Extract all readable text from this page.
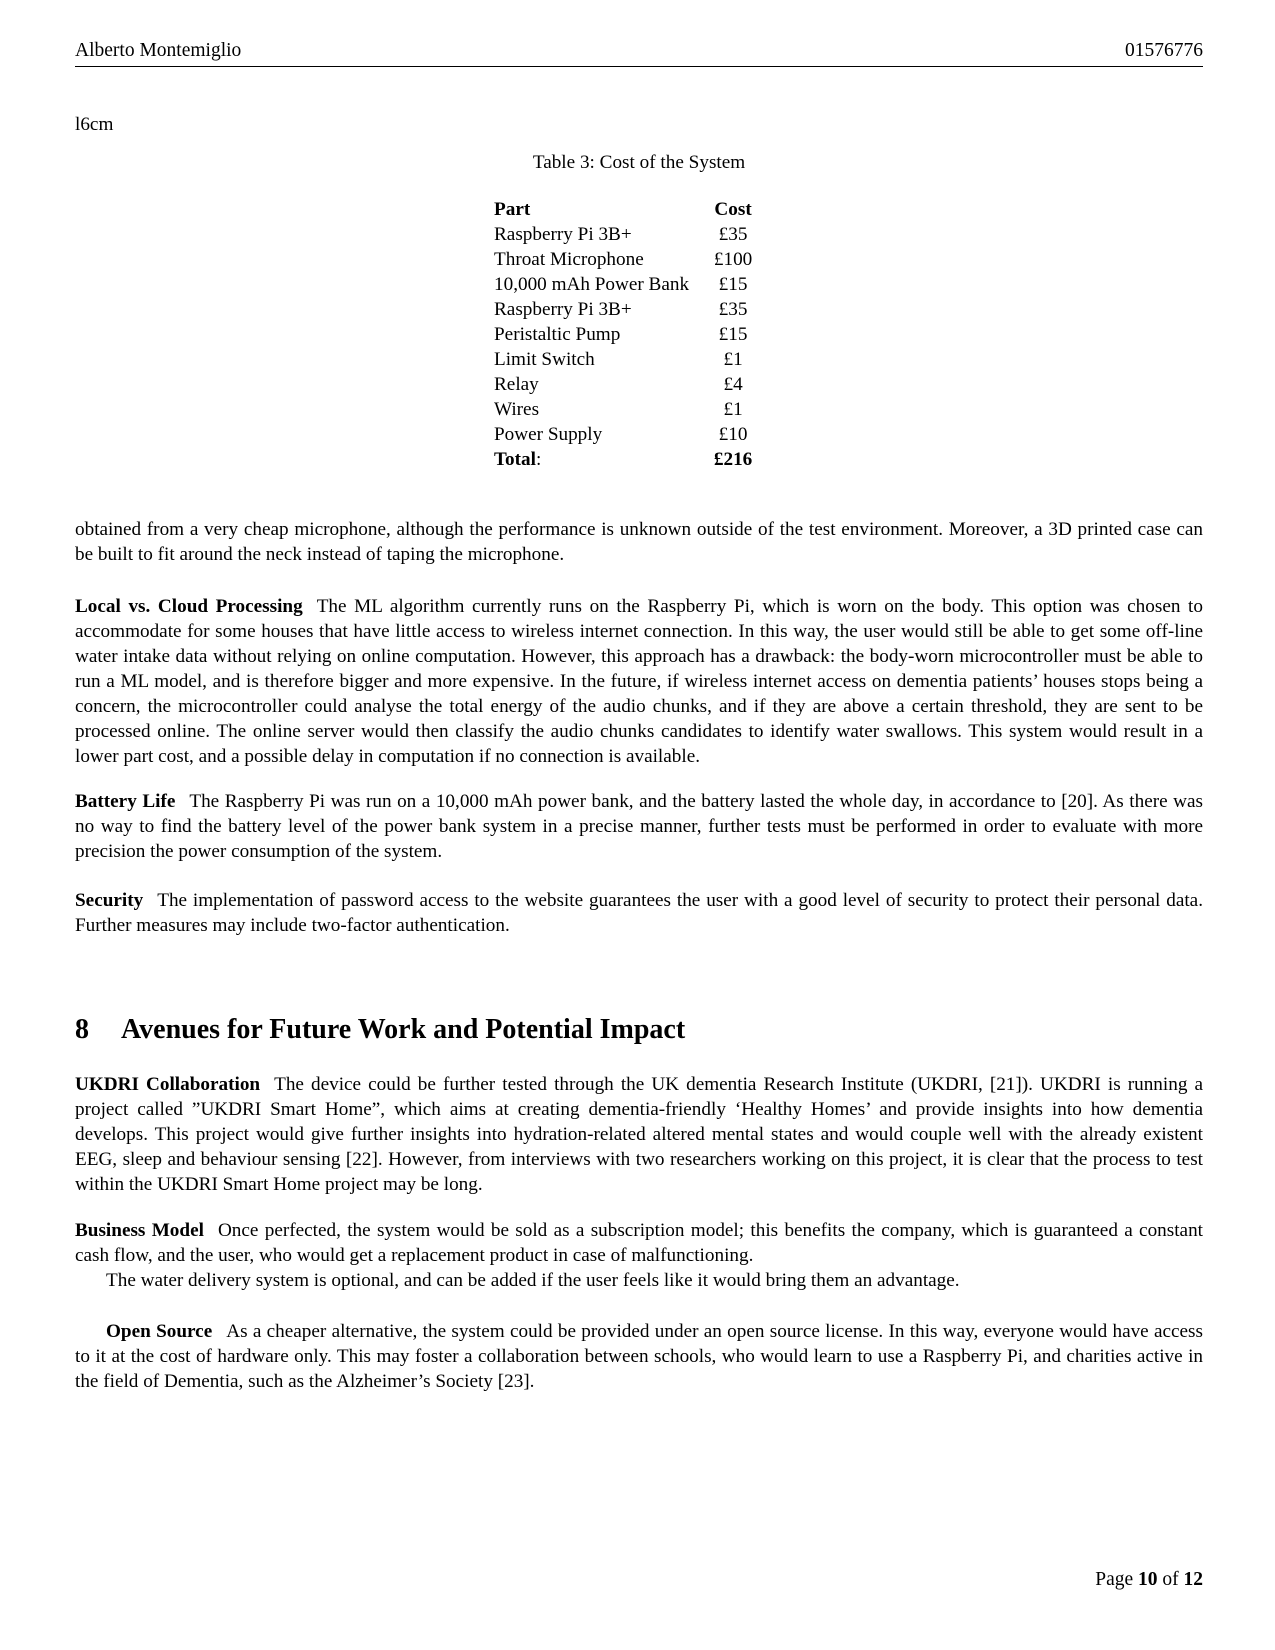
Alberto Montemiglio	01576776
l6cm
Table 3: Cost of the System
Part	Cost
Raspberry Pi 3B+	£35
Throat Microphone	£100
10,000 mAh Power Bank	£15
Raspberry Pi 3B+	£35
Peristaltic Pump	£15
Limit Switch	£1
Relay	£4
Wires	£1
Power Supply	£10
Total:	£216

obtained from a very cheap microphone, although the performance is unknown outside of the test environment. Moreover, a 3D printed case can be built to fit around the neck instead of taping the microphone.

Local vs. Cloud Processing The ML algorithm currently runs on the Raspberry Pi, which is worn on the body. This option was chosen to accommodate for some houses that have little access to wireless internet connection. In this way, the user would still be able to get some off-line water intake data without relying on online computation. However, this approach has a drawback: the body-worn microcontroller must be able to run a ML model, and is therefore bigger and more expensive. In the future, if wireless internet access on dementia patients’ houses stops being a concern, the microcontroller could analyse the total energy of the audio chunks, and if they are above a certain threshold, they are sent to be processed online. The online server would then classify the audio chunks candidates to identify water swallows. This system would result in a lower part cost, and a possible delay in computation if no connection is available.

Battery Life The Raspberry Pi was run on a 10,000 mAh power bank, and the battery lasted the whole day, in accordance to [20]. As there was no way to find the battery level of the power bank system in a precise manner, further tests must be performed in order to evaluate with more precision the power consumption of the system.

Security The implementation of password access to the website guarantees the user with a good level of security to protect their personal data. Further measures may include two-factor authentication.

8 Avenues for Future Work and Potential Impact

UKDRI Collaboration The device could be further tested through the UK dementia Research Institute (UKDRI, [21]). UKDRI is running a project called ”UKDRI Smart Home”, which aims at creating dementia-friendly ‘Healthy Homes’ and provide insights into how dementia develops. This project would give further insights into hydration-related altered mental states and would couple well with the already existent EEG, sleep and behaviour sensing [22]. However, from interviews with two researchers working on this project, it is clear that the process to test within the UKDRI Smart Home project may be long.

Business Model Once perfected, the system would be sold as a subscription model; this benefits the company, which is guaranteed a constant cash flow, and the user, who would get a replacement product in case of malfunctioning.

The water delivery system is optional, and can be added if the user feels like it would bring them an advantage.

Open Source As a cheaper alternative, the system could be provided under an open source license. In this way, everyone would have access to it at the cost of hardware only. This may foster a collaboration between schools, who would learn to use a Raspberry Pi, and charities active in the field of Dementia, such as the Alzheimer’s Society [23].

Page 10 of 12
